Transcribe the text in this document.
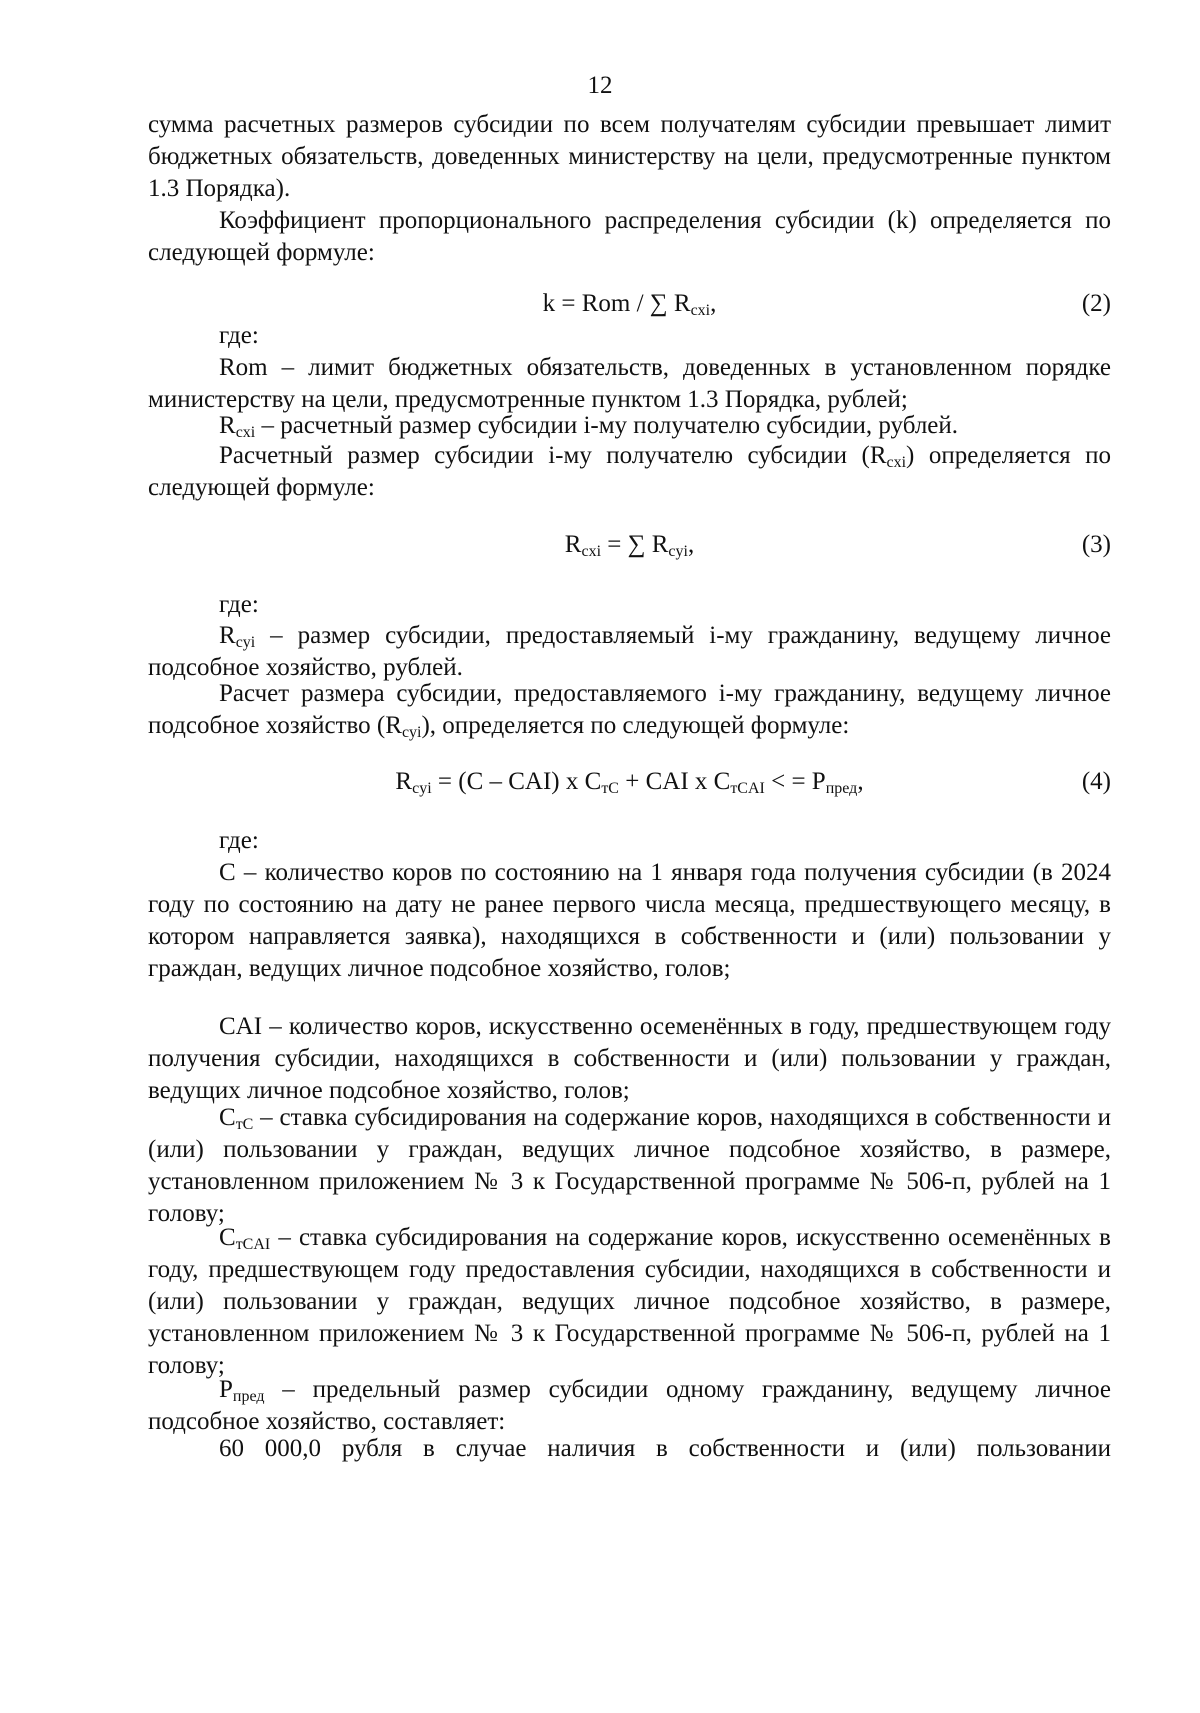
12
сумма расчетных размеров субсидии по всем получателям субсидии превышает лимит бюджетных обязательств, доведенных министерству на цели, предусмотренные пунктом 1.3 Порядка).
Коэффициент пропорционального распределения субсидии (k) определяется по следующей формуле:
k = Rom / ∑ $R_{cxi}$,	(2)
где:
Rom – лимит бюджетных обязательств, доведенных в установленном порядке министерству на цели, предусмотренные пунктом 1.3 Порядка, рублей;
$R_{cxi}$ – расчетный размер субсидии i-му получателю субсидии, рублей.
Расчетный размер субсидии i-му получателю субсидии $(R_{cxi})$ определяется по следующей формуле:
$R_{cxi}$ = ∑ $R_{cyi}$,	(3)
где:
$R_{cyi}$ – размер субсидии, предоставляемый i-му гражданину, ведущему личное подсобное хозяйство, рублей.
Расчет размера субсидии, предоставляемого i-му гражданину, ведущему личное подсобное хозяйство $(R_{cyi})$, определяется по следующей формуле:
$R_{cyi} = (C - CAI)$ x $C_{тC}$ + CAI x $C_{тCAI}$ < = $P_{пред}$,	(4)
где:
C – количество коров по состоянию на 1 января года получения субсидии (в 2024 году по состоянию на дату не ранее первого числа месяца, предшествующего месяцу, в котором направляется заявка), находящихся в собственности и (или) пользовании у граждан, ведущих личное подсобное хозяйство, голов;
CAI – количество коров, искусственно осеменённых в году, предшествующем году получения субсидии, находящихся в собственности и (или) пользовании у граждан, ведущих личное подсобное хозяйство, голов;
$C_{тC}$ – ставка субсидирования на содержание коров, находящихся в собственности и (или) пользовании у граждан, ведущих личное подсобное хозяйство, в размере, установленном приложением № 3 к Государственной программе № 506-п, рублей на 1 голову;
$C_{тCAI}$ – ставка субсидирования на содержание коров, искусственно осеменённых в году, предшествующем году предоставления субсидии, находящихся в собственности и (или) пользовании у граждан, ведущих личное подсобное хозяйство, в размере, установленном приложением № 3 к Государственной программе № 506-п, рублей на 1 голову;
$P_{пред}$ – предельный размер субсидии одному гражданину, ведущему личное подсобное хозяйство, составляет:
60 000,0 рубля в случае наличия в собственности и (или) пользовании
